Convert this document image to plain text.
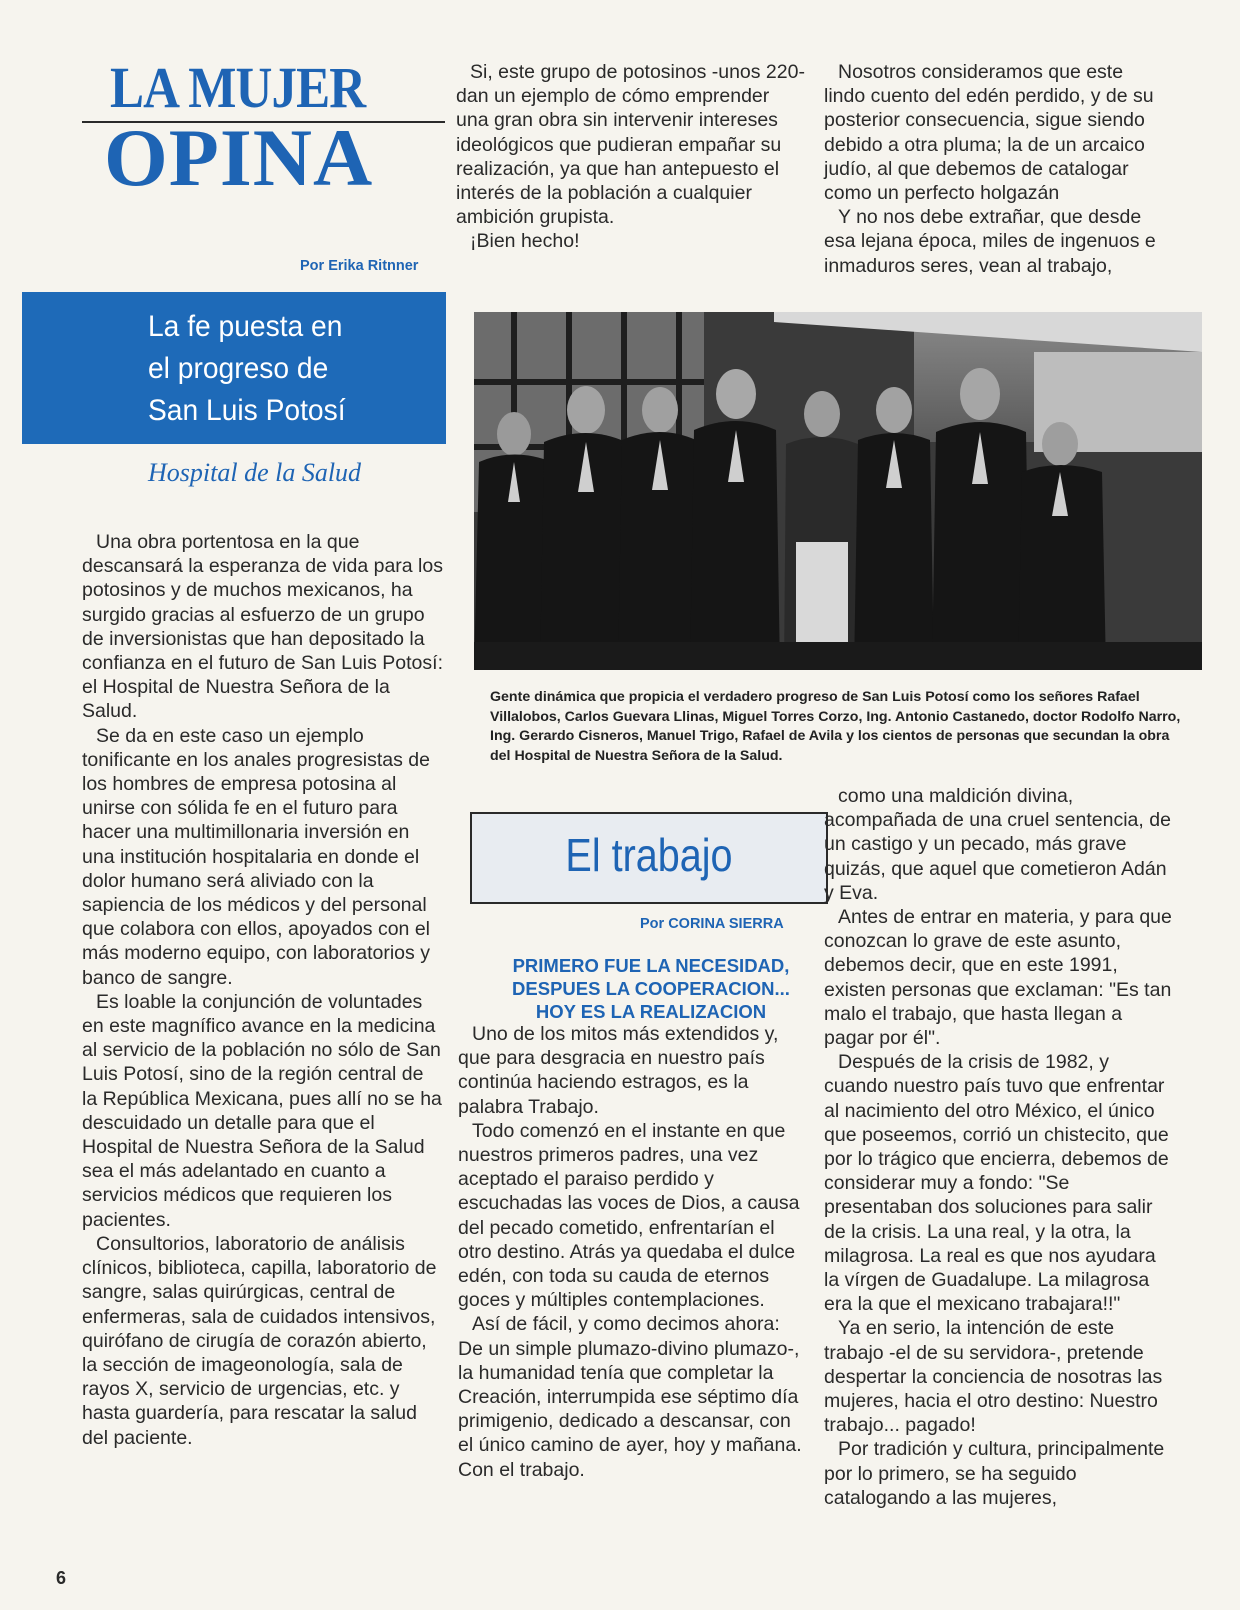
LA MUJER
OPINA
Por Erika Ritnner
La fe puesta en
el progreso de
San Luis Potosí
Hospital de la Salud

Una obra portentosa en la que descansará la esperanza de vida para los potosinos y de muchos mexicanos, ha surgido gracias al esfuerzo de un grupo de inversionistas que han depositado la confianza en el futuro de San Luis Potosí: el Hospital de Nuestra Señora de la Salud.

Se da en este caso un ejemplo tonificante en los anales progresistas de los hombres de empresa potosina al unirse con sólida fe en el futuro para hacer una multimillonaria inversión en una institución hospitalaria en donde el dolor humano será aliviado con la sapiencia de los médicos y del personal que colabora con ellos, apoyados con el más moderno equipo, con laboratorios y banco de sangre.

Es loable la conjunción de voluntades en este magnífico avance en la medicina al servicio de la población no sólo de San Luis Potosí, sino de la región central de la República Mexicana, pues allí no se ha descuidado un detalle para que el Hospital de Nuestra Señora de la Salud sea el más adelantado en cuanto a servicios médicos que requieren los pacientes.

Consultorios, laboratorio de análisis clínicos, biblioteca, capilla, laboratorio de sangre, salas quirúrgicas, central de enfermeras, sala de cuidados intensivos, quirófano de cirugía de corazón abierto, la sección de imageonología, sala de rayos X, servicio de urgencias, etc. y hasta guardería, para rescatar la salud del paciente.

Si, este grupo de potosinos -unos 220- dan un ejemplo de cómo emprender una gran obra sin intervenir intereses ideológicos que pudieran empañar su realización, ya que han antepuesto el interés de la población a cualquier ambición grupista.

¡Bien hecho!

Nosotros consideramos que este lindo cuento del edén perdido, y de su posterior consecuencia, sigue siendo debido a otra pluma; la de un arcaico judío, al que debemos de catalogar como un perfecto holgazán

Y no nos debe extrañar, que desde esa lejana época, miles de ingenuos e inmaduros seres, vean al trabajo,

Gente dinámica que propicia el verdadero progreso de San Luis Potosí como los señores Rafael Villalobos, Carlos Guevara Llinas, Miguel Torres Corzo, Ing. Antonio Castanedo, doctor Rodolfo Narro, Ing. Gerardo Cisneros, Manuel Trigo, Rafael de Avila y los cientos de personas que secundan la obra del Hospital de Nuestra Señora de la Salud.
El trabajo
Por CORINA SIERRA
PRIMERO FUE LA NECESIDAD,
DESPUES LA COOPERACION...
HOY ES LA REALIZACION

Uno de los mitos más extendidos y, que para desgracia en nuestro país continúa haciendo estragos, es la palabra Trabajo.

Todo comenzó en el instante en que nuestros primeros padres, una vez aceptado el paraiso perdido y escuchadas las voces de Dios, a causa del pecado cometido, enfrentarían el otro destino. Atrás ya quedaba el dulce edén, con toda su cauda de eternos goces y múltiples contemplaciones.

Así de fácil, y como decimos ahora: De un simple plumazo-divino plumazo-, la humanidad tenía que completar la Creación, interrumpida ese séptimo día primigenio, dedicado a descansar, con el único camino de ayer, hoy y mañana. Con el trabajo.

como una maldición divina, acompañada de una cruel sentencia, de un castigo y un pecado, más grave quizás, que aquel que cometieron Adán y Eva.

Antes de entrar en materia, y para que conozcan lo grave de este asunto, debemos decir, que en este 1991, existen personas que exclaman: "Es tan malo el trabajo, que hasta llegan a pagar por él".

Después de la crisis de 1982, y cuando nuestro país tuvo que enfrentar al nacimiento del otro México, el único que poseemos, corrió un chistecito, que por lo trágico que encierra, debemos de considerar muy a fondo: "Se presentaban dos soluciones para salir de la crisis. La una real, y la otra, la milagrosa. La real es que nos ayudara la vírgen de Guadalupe. La milagrosa era la que el mexicano trabajara!!"

Ya en serio, la intención de este trabajo -el de su servidora-, pretende despertar la conciencia de nosotras las mujeres, hacia el otro destino: Nuestro trabajo... pagado!

Por tradición y cultura, principalmente por lo primero, se ha seguido catalogando a las mujeres,

6
